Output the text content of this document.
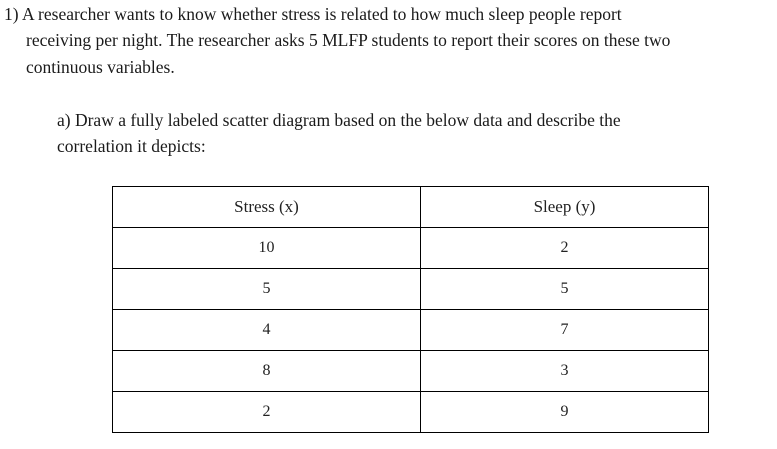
1) A researcher wants to know whether stress is related to how much sleep people report
receiving per night. The researcher asks 5 MLFP students to report their scores on these two
continuous variables.
a) Draw a fully labeled scatter diagram based on the below data and describe the
correlation it depicts:
Stress (x)	Sleep (y)
10	2
5	5
4	7
8	3
2	9
